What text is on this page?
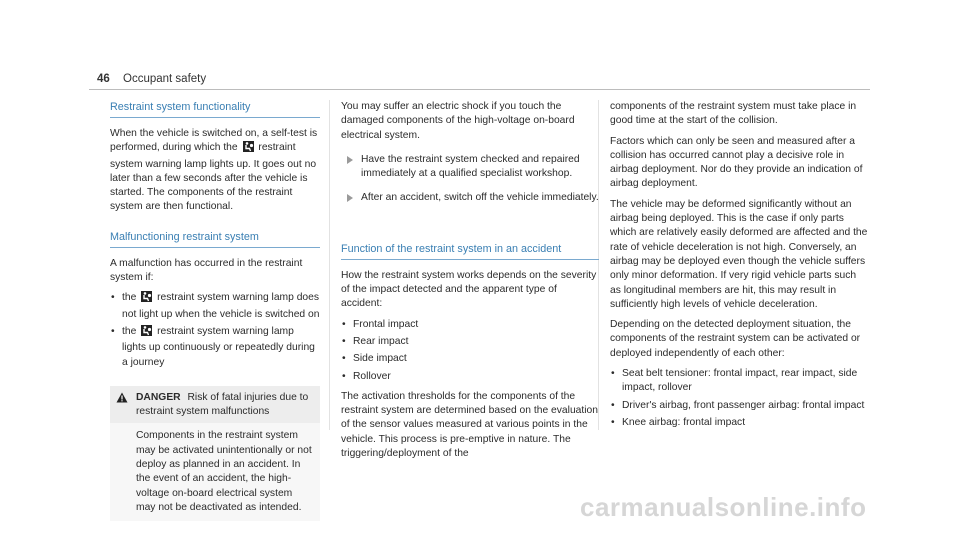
46 Occupant safety
Restraint system functionality

When the vehicle is switched on, a self-test is performed, during which the restraint system warning lamp lights up. It goes out no later than a few seconds after the vehicle is started. The components of the restraint system are then functional.

Malfunctioning restraint system

A malfunction has occurred in the restraint system if:

• the restraint system warning lamp does not light up when the vehicle is switched on
• the restraint system warning lamp lights up continuously or repeatedly during a journey
DANGER Risk of fatal injuries due to restraint system malfunctions

Components in the restraint system may be activated unintentionally or not deploy as planned in an accident. In the event of an accident, the high-voltage on-board electrical system may not be deactivated as intended.

You may suffer an electric shock if you touch the damaged components of the high-voltage on-board electrical system.

Have the restraint system checked and repaired immediately at a qualified specialist workshop.
After an accident, switch off the vehicle immediately.
Function of the restraint system in an accident

How the restraint system works depends on the severity of the impact detected and the apparent type of accident:

• Frontal impact
• Rear impact
• Side impact
• Rollover

The activation thresholds for the components of the restraint system are determined based on the evaluation of the sensor values measured at various points in the vehicle. This process is pre-emptive in nature. The triggering/deployment of the

components of the restraint system must take place in good time at the start of the collision.

Factors which can only be seen and measured after a collision has occurred cannot play a decisive role in airbag deployment. Nor do they provide an indication of airbag deployment.

The vehicle may be deformed significantly without an airbag being deployed. This is the case if only parts which are relatively easily deformed are affected and the rate of vehicle deceleration is not high. Conversely, an airbag may be deployed even though the vehicle suffers only minor deformation. If very rigid vehicle parts such as longitudinal members are hit, this may result in sufficiently high levels of vehicle deceleration.

Depending on the detected deployment situation, the components of the restraint system can be activated or deployed independently of each other:

• Seat belt tensioner: frontal impact, rear impact, side impact, rollover
• Driver's airbag, front passenger airbag: frontal impact
• Knee airbag: frontal impact
carmanualsonline.info
